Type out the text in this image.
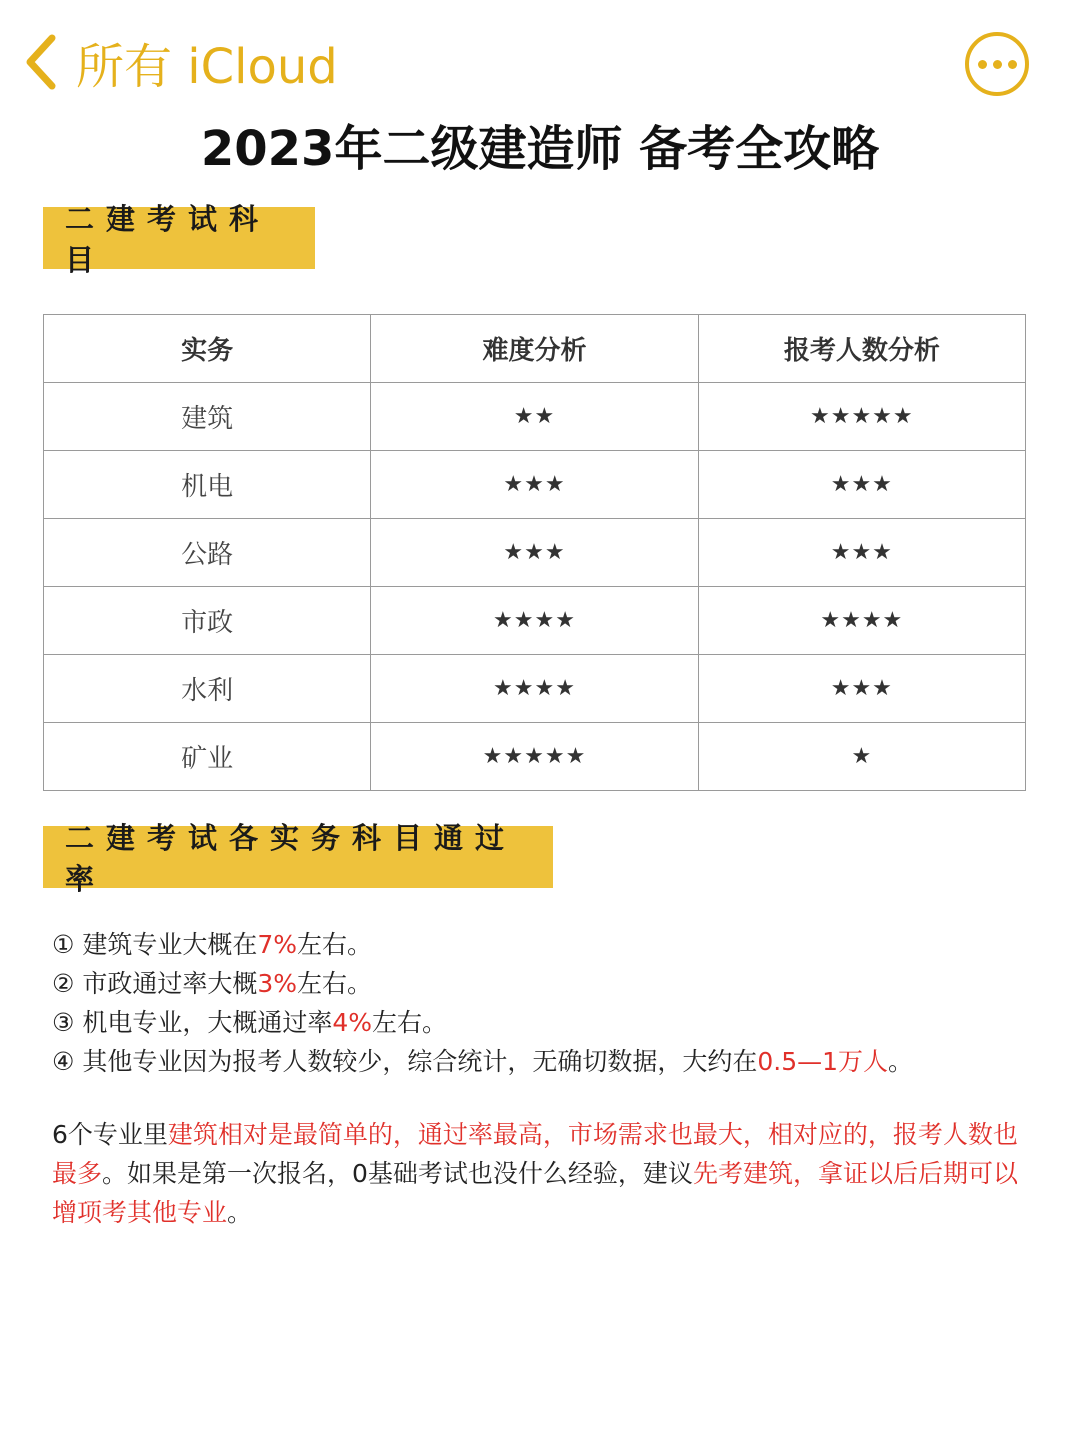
所有 iCloud
2023年二级建造师 备考全攻略
二建考试科目
实务	难度分析	报考人数分析
建筑	★★	★★★★★
机电	★★★	★★★
公路	★★★	★★★
市政	★★★★	★★★★
水利	★★★★	★★★
矿业	★★★★★	★
二建考试各实务科目通过率
① 建筑专业大概在7%左右。
② 市政通过率大概3%左右。
③ 机电专业，大概通过率4%左右。
④ 其他专业因为报考人数较少，综合统计，无确切数据，大约在0.5—1万人。
6个专业里建筑相对是最简单的，通过率最高，市场需求也最大，相对应的，报考人数也最多。如果是第一次报名，0基础考试也没什么经验，建议先考建筑，拿证以后后期可以增项考其他专业。
